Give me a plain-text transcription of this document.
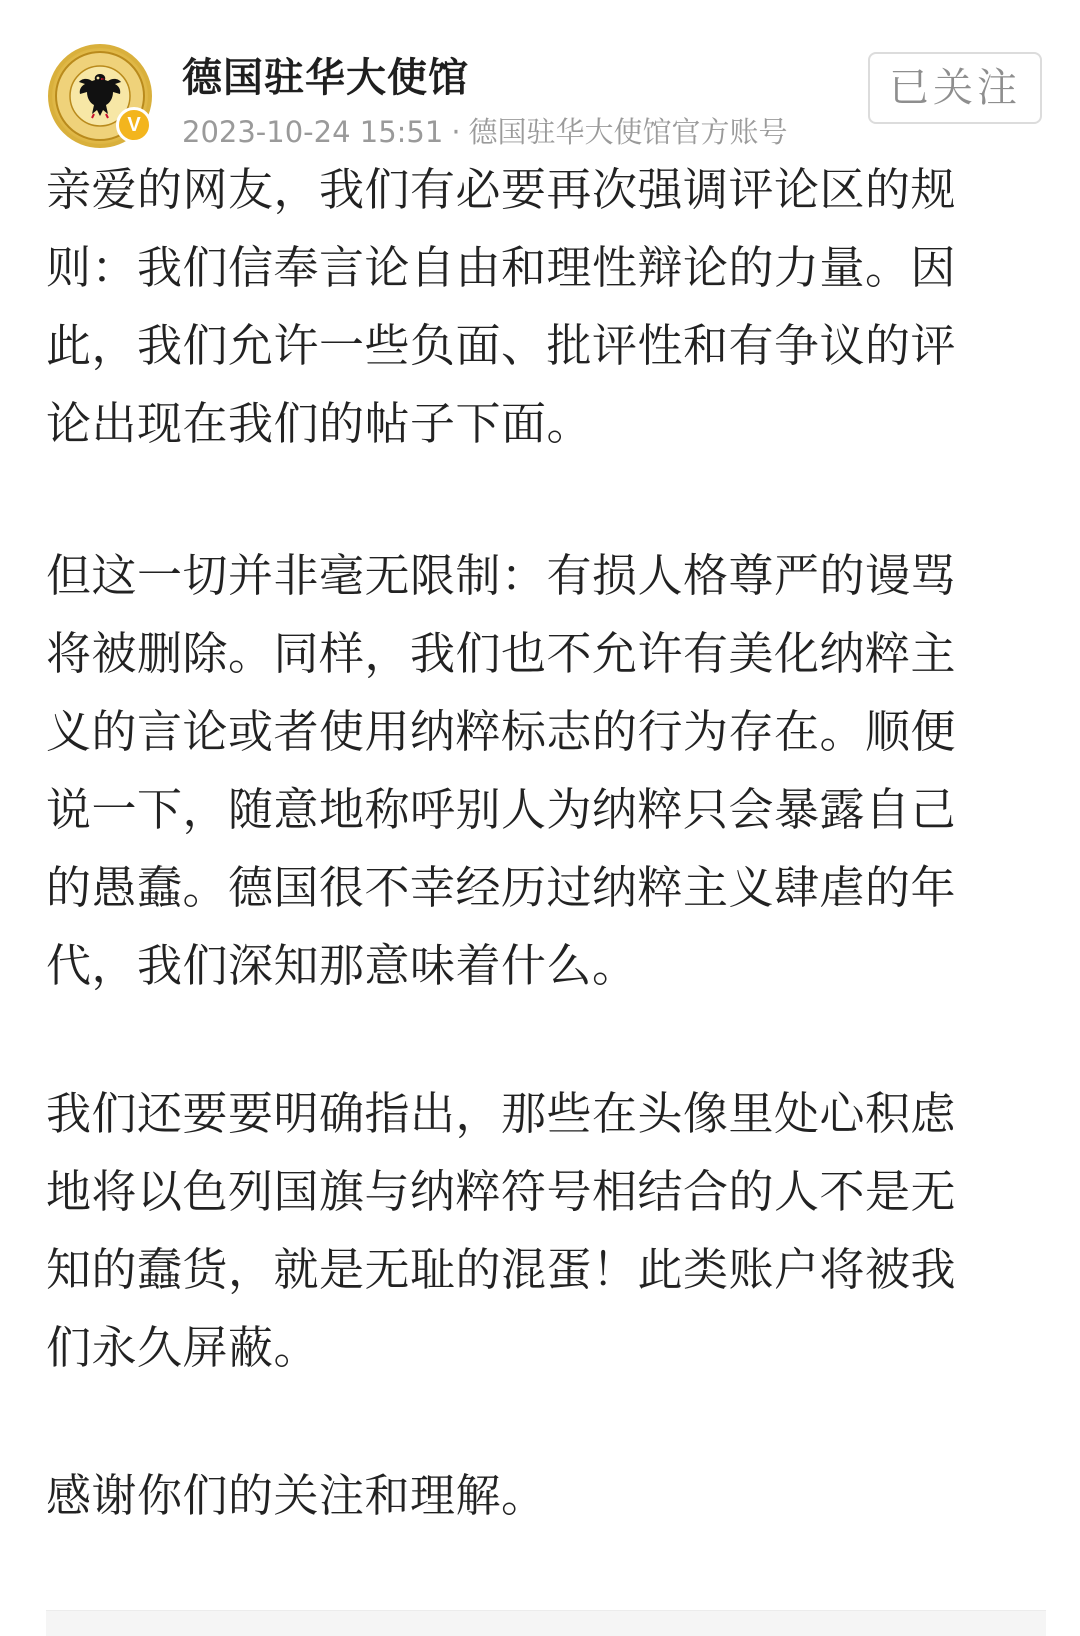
V
德国驻华大使馆
2023-10-24 15:51 · 德国驻华大使馆官方账号
已关注
亲爱的网友，我们有必要再次强调评论区的规
则：我们信奉言论自由和理性辩论的力量。因
此，我们允许一些负面、批评性和有争议的评
论出现在我们的帖子下面。
但这一切并非毫无限制：有损人格尊严的谩骂
将被删除。同样，我们也不允许有美化纳粹主
义的言论或者使用纳粹标志的行为存在。顺便
说一下，随意地称呼别人为纳粹只会暴露自己
的愚蠢。德国很不幸经历过纳粹主义肆虐的年
代，我们深知那意味着什么。
我们还要要明确指出，那些在头像里处心积虑
地将以色列国旗与纳粹符号相结合的人不是无
知的蠢货，就是无耻的混蛋！此类账户将被我
们永久屏蔽。
感谢你们的关注和理解。
